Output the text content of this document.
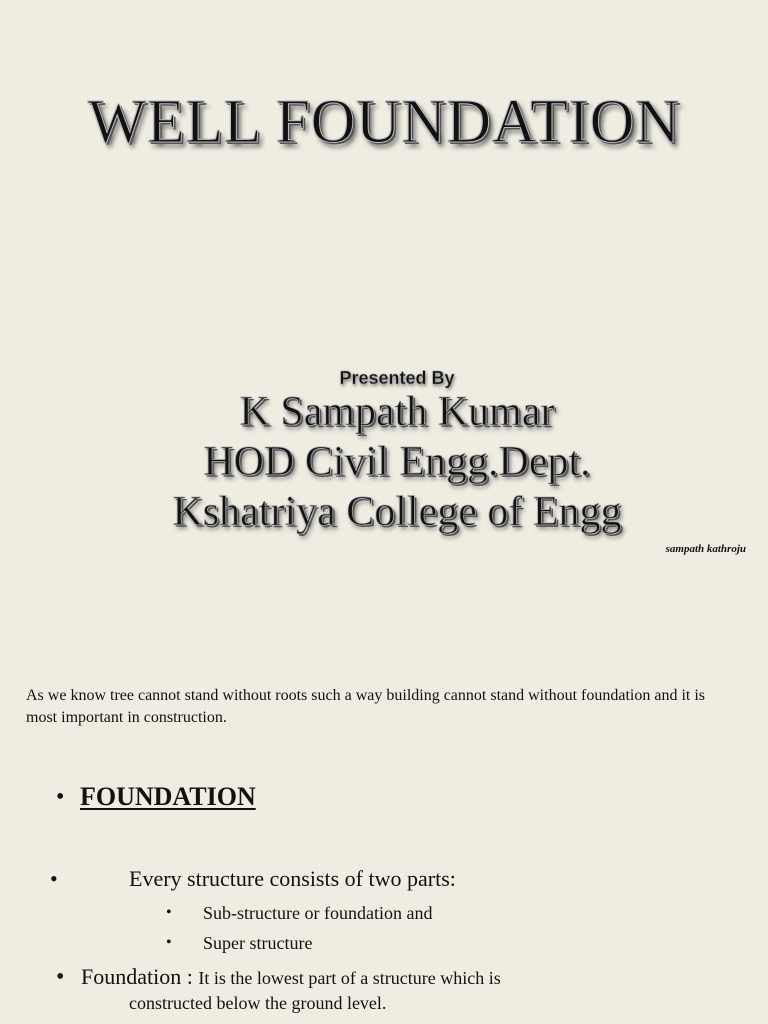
WELL FOUNDATION
Presented By
K Sampath Kumar
HOD Civil Engg.Dept.
Kshatriya College of Engg
sampath kathroju
As we know tree cannot stand without roots such a way building cannot stand without foundation and it is most important in construction.
• FOUNDATION
•	Every structure consists of two parts:
• Sub-structure or foundation and
• Super structure
• Foundation : It is the lowest part of a structure which is
constructed below the ground level.
